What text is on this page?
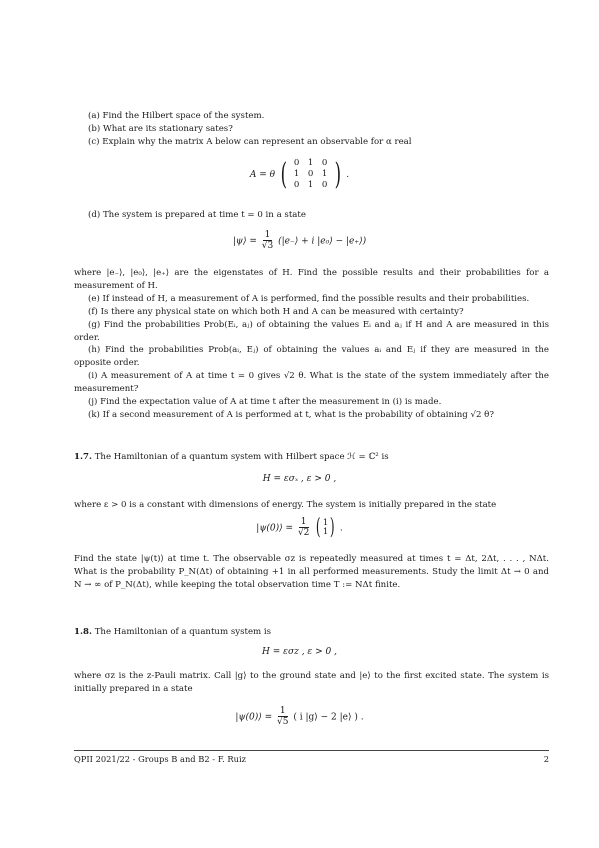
(a) Find the Hilbert space of the system.
(b) What are its stationary sates?
(c) Explain why the matrix A below can represent an observable for α real
A = θ ( 0 1 0
1 0 1
0 1 0 ) .
(d) The system is prepared at time t = 0 in a state
|ψ⟩ = $\frac{1}{√3}$ (|e₋⟩ + i |e₀⟩ − |e₊⟩)
where |e₋⟩, |e₀⟩, |e₊⟩ are the eigenstates of H. Find the possible results and their probabilities for a measurement of H.
(e) If instead of H, a measurement of A is performed, find the possible results and their probabilities.
(f) Is there any physical state on which both H and A can be measured with certainty?
(g) Find the probabilities Prob(Eᵢ, aⱼ) of obtaining the values Eᵢ and aⱼ if H and A are measured in this order.
(h) Find the probabilities Prob(aᵢ, Eⱼ) of obtaining the values aᵢ and Eⱼ if they are measured in the opposite order.
(i) A measurement of A at time t = 0 gives √2 θ. What is the state of the system immediately after the measurement?
(j) Find the expectation value of A at time t after the measurement in (i) is made.
(k) If a second measurement of A is performed at t, what is the probability of obtaining √2 θ?
1.7. The Hamiltonian of a quantum system with Hilbert space ℋ = ℂ² is
H = εσₓ , ε > 0 ,
where ε > 0 is a constant with dimensions of energy. The system is initially prepared in the state
|ψ(0)⟩ = $\frac{1}{√2}$
( 1
1 ) .
Find the state |ψ(t)⟩ at time t. The observable σz is repeatedly measured at times t = Δt, 2Δt, . . . , NΔt. What is the probability P_N(Δt) of obtaining +1 in all performed measurements. Study the limit Δt → 0 and N → ∞ of P_N(Δt), while keeping the total observation time T := NΔt finite.
1.8. The Hamiltonian of a quantum system is
H = εσz , ε > 0 ,
where σz is the z-Pauli matrix. Call |g⟩ to the ground state and |e⟩ to the first excited state. The system is initially prepared in a state
|ψ(0)⟩ = $\frac{1}{√5}$ ( i |g⟩ − 2 |e⟩ ) .
QPII 2021/22 - Groups B and B2 - F. Ruiz	2
